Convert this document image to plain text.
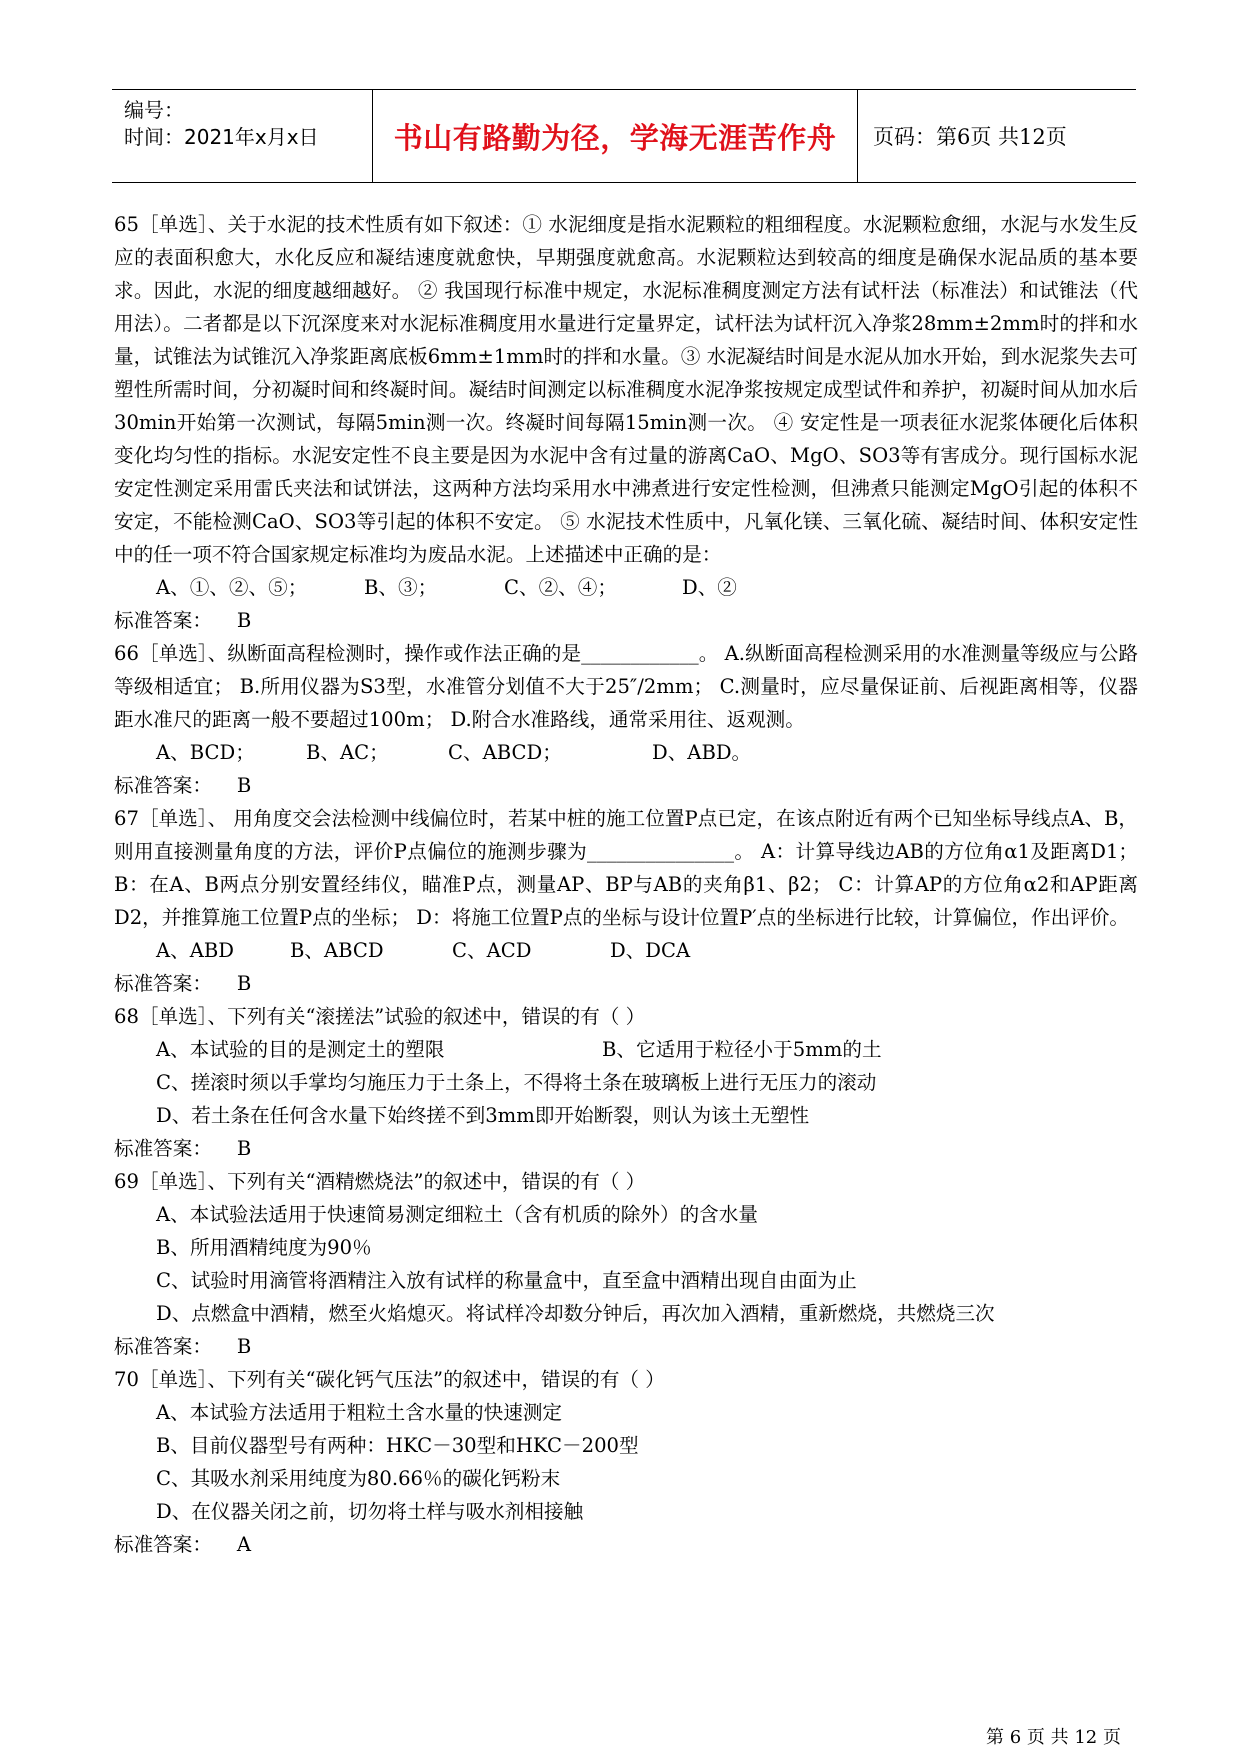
编号：
时间：2021年x月x日	书山有路勤为径，学海无涯苦作舟 页码：第6页 共12页

65［单选］、关于水泥的技术性质有如下叙述：① 水泥细度是指水泥颗粒的粗细程度。水泥颗粒愈细，水泥与水发生反应的表面积愈大，水化反应和凝结速度就愈快，早期强度就愈高。水泥颗粒达到较高的细度是确保水泥品质的基本要求。因此，水泥的细度越细越好。 ② 我国现行标准中规定，水泥标准稠度测定方法有试杆法（标准法）和试锥法（代用法）。二者都是以下沉深度来对水泥标准稠度用水量进行定量界定，试杆法为试杆沉入净浆28mm±2mm时的拌和水量，试锥法为试锥沉入净浆距离底板6mm±1mm时的拌和水量。③ 水泥凝结时间是水泥从加水开始，到水泥浆失去可塑性所需时间，分初凝时间和终凝时间。凝结时间测定以标准稠度水泥净浆按规定成型试件和养护，初凝时间从加水后30min开始第一次测试，每隔5min测一次。终凝时间每隔15min测一次。 ④ 安定性是一项表征水泥浆体硬化后体积变化均匀性的指标。水泥安定性不良主要是因为水泥中含有过量的游离CaO、MgO、SO3等有害成分。现行国标水泥安定性测定采用雷氏夹法和试饼法，这两种方法均采用水中沸煮进行安定性检测，但沸煮只能测定MgO引起的体积不安定，不能检测CaO、SO3等引起的体积不安定。 ⑤ 水泥技术性质中，凡氧化镁、三氧化硫、凝结时间、体积安定性中的任一项不符合国家规定标准均为废品水泥。上述描述中正确的是：

A、①、②、⑤；	B、③；	C、②、④；	D、②

标准答案：    B

66［单选］、纵断面高程检测时，操作或作法正确的是____________。 A.纵断面高程检测采用的水准测量等级应与公路等级相适宜； B.所用仪器为S3型，水准管分划值不大于25″/2mm； C.测量时，应尽量保证前、后视距离相等，仪器距水准尺的距离一般不要超过100m； D.附合水准路线，通常采用往、返观测。

A、BCD；	B、AC；	C、ABCD；	D、ABD。

标准答案：    B

67［单选］、 用角度交会法检测中线偏位时，若某中桩的施工位置P点已定，在该点附近有两个已知坐标导线点A、B，则用直接测量角度的方法，评价P点偏位的施测步骤为_______________。 A：计算导线边AB的方位角α1及距离D1；B：在A、B两点分别安置经纬仪，瞄准P点，测量AP、BP与AB的夹角β1、β2； C：计算AP的方位角α2和AP距离D2，并推算施工位置P点的坐标； D：将施工位置P点的坐标与设计位置P′点的坐标进行比较，计算偏位，作出评价。

A、ABD	B、ABCD	C、ACD	D、DCA

标准答案：    B

68［单选］、下列有关“滚搓法”试验的叙述中，错误的有（ ）

A、本试验的目的是测定土的塑限	B、它适用于粒径小于5mm的土

C、搓滚时须以手掌均匀施压力于土条上，不得将土条在玻璃板上进行无压力的滚动

D、若土条在任何含水量下始终搓不到3mm即开始断裂，则认为该土无塑性

标准答案：    B

69［单选］、下列有关“酒精燃烧法”的叙述中，错误的有（ ）

A、本试验法适用于快速简易测定细粒土（含有机质的除外）的含水量

B、所用酒精纯度为90％

C、试验时用滴管将酒精注入放有试样的称量盒中，直至盒中酒精出现自由面为止

D、点燃盒中酒精，燃至火焰熄灭。将试样冷却数分钟后，再次加入酒精，重新燃烧，共燃烧三次

标准答案：    B

70［单选］、下列有关“碳化钙气压法”的叙述中，错误的有（ ）

A、本试验方法适用于粗粒土含水量的快速测定

B、目前仪器型号有两种：HKC－30型和HKC－200型

C、其吸水剂采用纯度为80.66％的碳化钙粉末

D、在仪器关闭之前，切勿将土样与吸水剂相接触

标准答案：    A

第 6 页 共 12 页
